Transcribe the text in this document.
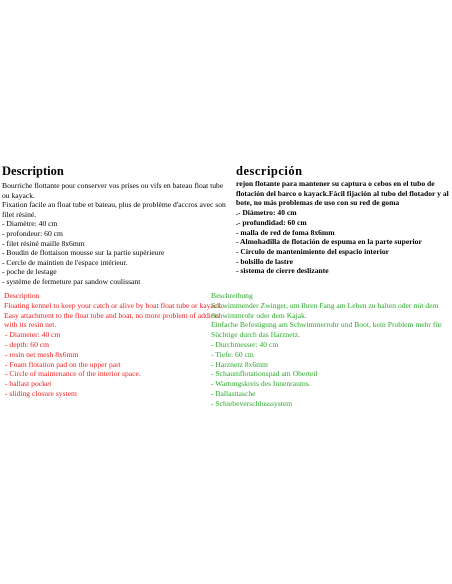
Description
Bourriche flottante pour conserver vos prises ou vifs en bateau float tube ou kayack.
Fixation facile au float tube et bateau, plus de problème d'accros avec son filet résiné.
- Diamètre: 40 cm
- profondeur: 60 cm
- filet résiné maille 8x6mm
- Boudin de flottaison mousse sur la partie supérieure
- Cercle de maintien de l'espace intérieur.
- poche de lestage
- système de fermeture par sandow coulissant
descripción
rejon flotante para mantener su captura o cebos en el tubo de flotación del barco o kayack.Fácil fijación al tubo del flotador y al bote, no más problemas de uso con su red de goma
.- Diámetro: 40 cm
.- profundidad: 60 cm
- malla de red de foma 8x6mm
- Almohadilla de flotación de espuma en la parte superior
- Círculo de mantenimiento del espacio interior
- bolsillo de lastre
- sistema de cierre deslizante
Description
Floating kennel to keep your catch or alive by boat float tube or kayack.
Easy attachment to the float tube and boat, no more problem of addicts with its resin net.
- Diameter: 40 cm
- depth: 60 cm
- resin net mesh 8x6mm
- Foam flotation pad on the upper part
- Circle of maintenance of the interior space.
- ballast pocket
- sliding closure system
Beschreibung
Schwimmender Zwinger, um Ihren Fang am Leben zu halten oder mit dem Schwimmrohr oder dem Kajak.
Einfache Befestigung am Schwimmerrohr und Boot, kein Problem mehr für Süchtige durch das Harznetz.
- Durchmesser: 40 cm
- Tiefe: 60 cm
- Harznetz 8x6mm
- Schaumflotationspad am Oberteil
- Wartungskreis des Innenraums.
- Ballasttasche
- Schiebeverschlusssystem
